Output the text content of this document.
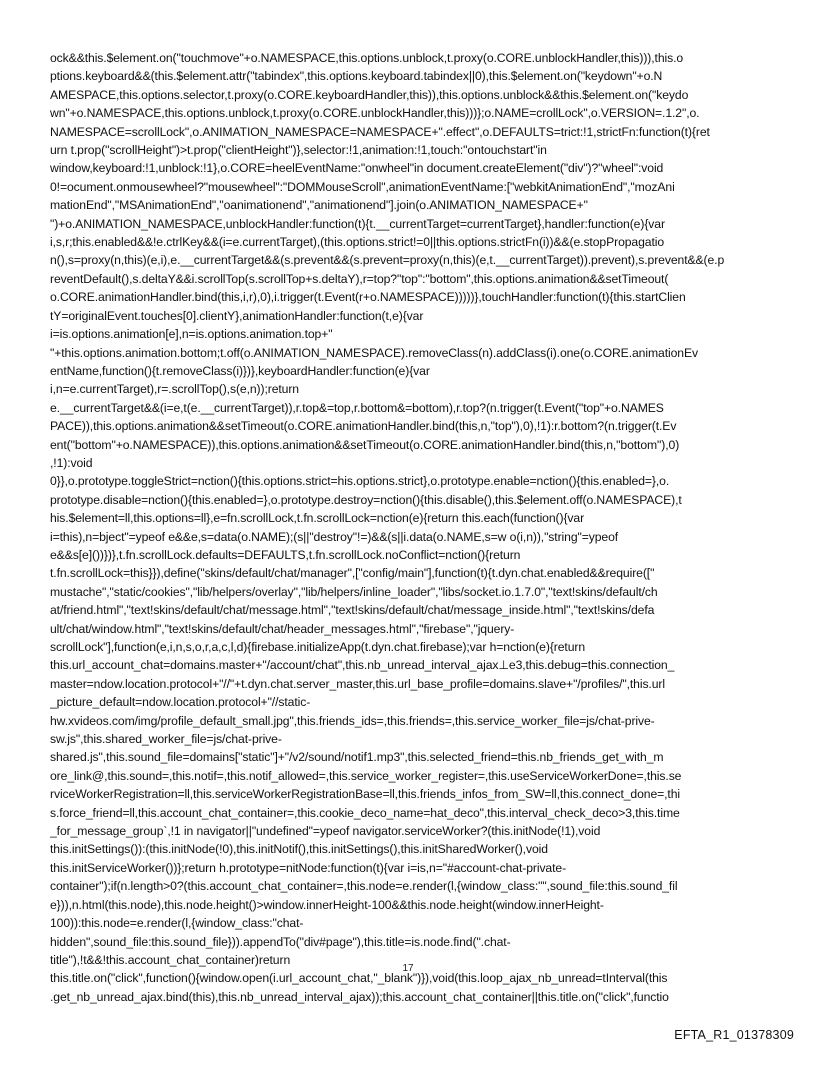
ock&&this.$element.on("touchmove"+o.NAMESPACE,this.options.unblock,t.proxy(o.CORE.unblockHandler,this))),this.o
ptions.keyboard&&(this.$element.attr("tabindex",this.options.keyboard.tabindex||0),this.$element.on("keydown"+o.N
AMESPACE,this.options.selector,t.proxy(o.CORE.keyboardHandler,this)),this.options.unblock&&this.$element.on("keydo
wn"+o.NAMESPACE,this.options.unblock,t.proxy(o.CORE.unblockHandler,this)))};o.NAME=crollLock",o.VERSION=.1.2",o.
NAMESPACE=scrollLock",o.ANIMATION_NAMESPACE=NAMESPACE+".effect",o.DEFAULTS=trict:!1,strictFn:function(t){ret
urn t.prop("scrollHeight")>t.prop("clientHeight")},selector:!1,animation:!1,touch:"ontouchstart"in
window,keyboard:!1,unblock:!1},o.CORE=heelEventName:"onwheel"in document.createElement("div")?"wheel":void
0!=ocument.onmousewheel?"mousewheel":"DOMMouseScroll",animationEventName:["webkitAnimationEnd","mozAni
mationEnd","MSAnimationEnd","oanimationend","animationend"].join(o.ANIMATION_NAMESPACE+"
")+o.ANIMATION_NAMESPACE,unblockHandler:function(t){t.__currentTarget=currentTarget},handler:function(e){var
i,s,r;this.enabled&&!e.ctrlKey&&(i=e.currentTarget),(this.options.strict!=0||this.options.strictFn(i))&&(e.stopPropagatio
n(),s=proxy(n,this)(e,i),e.__currentTarget&&(s.prevent&&(s.prevent=proxy(n,this)(e,t.__currentTarget)).prevent),s.prevent&&(e.p
reventDefault(),s.deltaY&&i.scrollTop(s.scrollTop+s.deltaY),r=top?"top":"bottom",this.options.animation&&setTimeout(
o.CORE.animationHandler.bind(this,i,r),0),i.trigger(t.Event(r+o.NAMESPACE)))))},touchHandler:function(t){this.startClien
tY=originalEvent.touches[0].clientY},animationHandler:function(t,e){var
i=is.options.animation[e],n=is.options.animation.top+"
"+this.options.animation.bottom;t.off(o.ANIMATION_NAMESPACE).removeClass(n).addClass(i).one(o.CORE.animationEv
entName,function(){t.removeClass(i)})},keyboardHandler:function(e){var
i,n=e.currentTarget),r=.scrollTop(),s(e,n));return
e.__currentTarget&&(i=e,t(e.__currentTarget)),r.top&=top,r.bottom&=bottom),r.top?(n.trigger(t.Event("top"+o.NAMES
PACE)),this.options.animation&&setTimeout(o.CORE.animationHandler.bind(this,n,"top"),0),!1):r.bottom?(n.trigger(t.Ev
ent("bottom"+o.NAMESPACE)),this.options.animation&&setTimeout(o.CORE.animationHandler.bind(this,n,"bottom"),0)
,!1):void
0}},o.prototype.toggleStrict=nction(){this.options.strict=his.options.strict},o.prototype.enable=nction(){this.enabled=},o.
prototype.disable=nction(){this.enabled=},o.prototype.destroy=nction(){this.disable(),this.$element.off(o.NAMESPACE),t
his.$element=ll,this.options=ll},e=fn.scrollLock,t.fn.scrollLock=nction(e){return this.each(function(){var
i=this),n=bject"=ypeof e&&e,s=data(o.NAME);(s||"destroy"!=)&&(s||i.data(o.NAME,s=w o(i,n)),"string"=ypeof
e&&s[e]())})},t.fn.scrollLock.defaults=DEFAULTS,t.fn.scrollLock.noConflict=nction(){return
t.fn.scrollLock=this}}),define("skins/default/chat/manager",["config/main"],function(t){t.dyn.chat.enabled&&require(["
mustache","static/cookies","lib/helpers/overlay","lib/helpers/inline_loader","libs/socket.io.1.7.0","text!skins/default/ch
at/friend.html","text!skins/default/chat/message.html","text!skins/default/chat/message_inside.html","text!skins/defa
ult/chat/window.html","text!skins/default/chat/header_messages.html","firebase","jquery-
scrollLock"],function(e,i,n,s,o,r,a,c,l,d){firebase.initializeApp(t.dyn.chat.firebase);var h=nction(e){return
this.url_account_chat=domains.master+"/account/chat",this.nb_unread_interval_ajax⊥e3,this.debug=this.connection_
master=ndow.location.protocol+"//"+t.dyn.chat.server_master,this.url_base_profile=domains.slave+"/profiles/",this.url
_picture_default=ndow.location.protocol+"//static-
hw.xvideos.com/img/profile_default_small.jpg",this.friends_ids=,this.friends=,this.service_worker_file=js/chat-prive-
sw.js",this.shared_worker_file=js/chat-prive-
shared.js",this.sound_file=domains["static"]+"/v2/sound/notif1.mp3",this.selected_friend=this.nb_friends_get_with_m
ore_link@,this.sound=,this.notif=,this.notif_allowed=,this.service_worker_register=,this.useServiceWorkerDone=,this.se
rviceWorkerRegistration=ll,this.serviceWorkerRegistrationBase=ll,this.friends_infos_from_SW=ll,this.connect_done=,thi
s.force_friend=ll,this.account_chat_container=,this.cookie_deco_name=hat_deco",this.interval_check_deco>3,this.time
_for_message_group`,!1 in navigator||"undefined"=ypeof navigator.serviceWorker?(this.initNode(!1),void
this.initSettings()):(this.initNode(!0),this.initNotif(),this.initSettings(),this.initSharedWorker(),void
this.initServiceWorker())};return h.prototype=nitNode:function(t){var i=is,n="#account-chat-private-
container");if(n.length>0?(this.account_chat_container=,this.node=e.render(l,{window_class:"",sound_file:this.sound_fil
e})),n.html(this.node),this.node.height()>window.innerHeight-100&&this.node.height(window.innerHeight-
100)):this.node=e.render(l,{window_class:"chat-
hidden",sound_file:this.sound_file})).appendTo("div#page"),this.title=is.node.find(".chat-
title"),!t&&!this.account_chat_container)return
this.title.on("click",function(){window.open(i.url_account_chat,"_blank")}),void(this.loop_ajax_nb_unread=tInterval(this
.get_nb_unread_ajax.bind(this),this.nb_unread_interval_ajax));this.account_chat_container||this.title.on("click",functio
17
EFTA_R1_01378309
